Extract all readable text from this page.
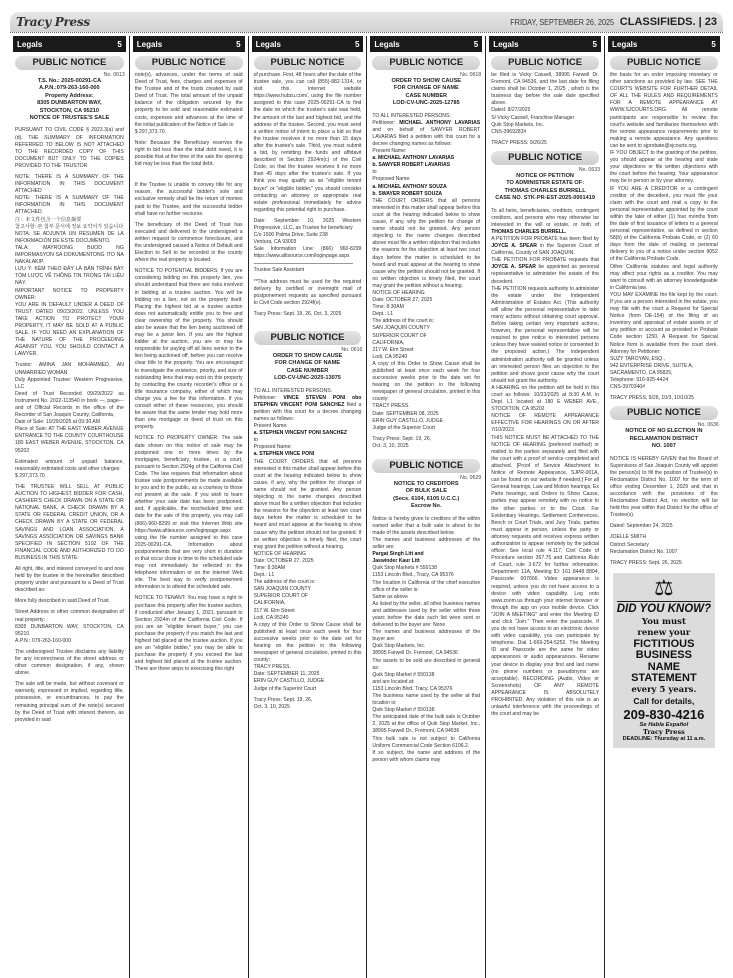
Tracy Press	FRIDAY, SEPTEMBER 26, 2025 CLASSIFIEDS. | 23
Legals	5
PUBLIC NOTICE
No. 0613
T.S. No.: 2025-00291-CA
A.P.N.:079-263-160-000
Property Address:
8305 DUNBARTON WAY,
STOCKTON, CA 95210
NOTICE OF TRUSTEE'S SALE

PURSUANT TO CIVIL CODE § 2923.3(a) and (d), THE SUMMARY OF INFORMATION REFERRED TO BELOW IS NOT ATTACHED TO THE RECORDED COPY OF THIS DOCUMENT BUT ONLY TO THE COPIES PROVIDED TO THE TRUSTOR.

NOTE: THERE IS A SUMMARY OF THE INFORMATION IN THIS DOCUMENT ATTACHED
NOTE: THERE IS A SUMMARY OF THE INFORMATION IN THIS DOCUMENT ATTACHED.
注：本文件包含一个信息摘要
참고사항: 본 첨부 문서에 정보 요약서가 있습니다
NOTA: SE ADJUNTA UN RESUMEN DE LA INFORMACIÓN DE ESTE DOCUMENTO.
TALA: MAYROONG BUOD NG IMPORMASYON SA DOKUMENTONG ITO NA NAKALAKIP.
LƯU Ý: KÈM THEO ĐÂY LÀ BẢN TRÌNH BÀY TÓM LƯỢC VỀ THÔNG TIN TRONG TÀI LIỆU NÀY.
IMPORTANT NOTICE TO PROPERTY OWNER:

YOU ARE IN DEFAULT UNDER A DEED OF TRUST DATED 09/23/2022. UNLESS YOU TAKE ACTION TO PROTECT YOUR PROPERTY, IT MAY BE SOLD AT A PUBLIC SALE. IF YOU NEED AN EXPLANATION OF THE NATURE OF THE PROCEEDING AGAINST YOU, YOU SHOULD CONTACT A LAWYER.

Trustor: AMINA JAN MOHAMMED, AN UNMARRIED WOMAN
Duly Appointed Trustee: Western Progressive, LLC
Deed of Trust Recorded 09/29/2022 as Instrument No. 2022-113540 in book ---, page--- and of Official Records in the office of the Recorder of San Joaquin County, California,
Date of Sale: 10/29/2025 at 09:30 AM

Place of Sale: AT THE EAST WEBER AVENUE ENTRANCE TO THE COUNTY COURTHOUSE 180 EAST WEBER AVENUE, STOCKTON, CA 95202

Estimated amount of unpaid balance, reasonably estimated costs and other charges:

$ 297,373.70

THE TRUSTEE WILL SELL AT PUBLIC AUCTION TO HIGHEST BIDDER FOR CASH, CASHIER'S CHECK DRAWN ON A STATE OR NATIONAL BANK, A CHECK DRAWN BY A STATE OR FEDERAL CREDIT UNION, OR A CHECK DRAWN BY A STATE OR FEDERAL SAVINGS AND LOAN ASSOCIATION, A SAVINGS ASSOCIATION OR SAVINGS BANK SPECIFIED IN SECTION 5102 OF THE FINANCIAL CODE AND AUTHORIZED TO DO BUSINESS IN THIS STATE:

All right, title, and interest conveyed to and now held by the trustee in the hereinafter described property under and pursuant to a Deed of Trust described as:

More fully described in said Deed of Trust.

Street Address or other common designation of real property:
8305 DUNBARTON WAY, STOCKTON, CA 95210

A.P.N.: 079-263-160-000

The undersigned Trustee disclaims any liability for any incorrectness of the street address or other common designation, if any, shown above.

The sale will be made, but without covenant or warranty, expressed or implied, regarding title, possession, or encumbrances, to pay the remaining principal sum of the note(s) secured by the Deed of Trust with interest thereon, as provided in said

Legals	5
PUBLIC NOTICE
note(s), advances, under the terms of said Deed of Trust, fees, charges and expenses of the Trustee and of the trusts created by said Deed of Trust. The total amount of the unpaid balance of the obligation secured by the property to be sold and reasonable estimated costs, expenses and advances at the time of the initial publication of the Notice of Sale is:

$ 297,373.70.

Note: Because the Beneficiary reserves the right to bid less than the total debt owed, it is possible that at the time of the sale the opening bid may be less than the total debt.

If the Trustee is unable to convey title for any reason, the successful bidder's sole and exclusive remedy shall be the return of monies paid to the Trustee, and the successful bidder shall have no further recourse.

The beneficiary of the Deed of Trust has executed and delivered to the undersigned a written request to commence foreclosure, and the undersigned caused a Notice of Default and Election to Sell to be recorded in the county where the real property is located.

NOTICE TO POTENTIAL BIDDERS: If you are considering bidding on this property lien, you should understand that there are risks involved in bidding at a trustee auction. You will be bidding on a lien, not on the property itself. Placing the highest bid at a trustee auction does not automatically entitle you to free and clear ownership of the property. You should also be aware that the lien being auctioned off may be a junior lien. If you are the highest bidder at the auction, you are or may be responsible for paying off all liens senior to the lien being auctioned off, before you can receive clear title to the property. You are encouraged to investigate the existence, priority, and size of outstanding liens that may exist on this property by contacting the county recorder's office or a title insurance company, either of which may charge you a fee for this information. If you consult either of these resources, you should be aware that the same lender may hold more than one mortgage or deed of trust on this property.

NOTICE TO PROPERTY OWNER: The sale date shown on this notice of sale may be postponed one or more times by the mortgagee, beneficiary, trustee, or a court, pursuant to Section 2924g of the California Civil Code. The law requires that information about trustee sale postponements be made available to you and to the public, as a courtesy to those not present at the sale. If you wish to learn whether your sale date has been postponed, and, if applicable, the rescheduled time and date for the sale of this property, you may call (866)-960-8299 or visit this Internet Web site https://www.altisource.com/loginpage.aspx using the file number assigned to this case 2025-00291-CA. Information about postponements that are very short in duration or that occur close in time to the scheduled sale may not immediately be reflected in the telephone information or on the Internet Web site. The best way to verify postponement information is to attend the scheduled sale.

NOTICE TO TENANT: You may have a right to purchase this property after the trustee auction, if conducted after January 1, 2021, pursuant to Section 2924m of the California Civil Code. If you are an "eligible tenant buyer," you can purchase the property if you match the last and highest bid placed at the trustee auction. If you are an "eligible bidder," you may be able to purchase the property if you exceed the last and highest bid placed at the trustee auction. There are three steps to exercising this right

Legals	5
PUBLIC NOTICE

of purchase. First, 48 hours after the date of the trustee sale, you can call (855)-882-1314, or visit this internet website https://www.hubzu.com/, using the file number assigned to this case 2025-00291-CA to find the date on which the trustee's sale was held, the amount of the last and highest bid, and the address of the trustee. Second, you must send a written notice of intent to place a bid so that the trustee receives it no more than 15 days after the trustee's sale. Third, you must submit a bid, by remitting the funds and affidavit described in Section 2924m(c) of the Civil Code, so that the trustee receives it no more than 45 days after the trustee's sale. If you think you may qualify as an "eligible tenant buyer" or "eligible bidder," you should consider contacting an attorney or appropriate real estate professional immediately for advice regarding this potential right to purchase.

Date: September 10, 2025 Western Progressive, LLC, as Trustee for beneficiary
C/o 1500 Palma Drive, Suite 238
Ventura, CA 93003
Sale Information Line: (866) 960-8299 https://www.altisource.com/loginpage.aspx

Trustee Sale Assistant

**This address must be used for the required delivery by certified or overnight mail of postponement requests as specified pursuant to Civil Code section 2924f(e).

Tracy Press: Sept. 19, 26, Oct. 3, 2025

PUBLIC NOTICE
No. 0616
ORDER TO SHOW CAUSE
FOR CHANGE OF NAME
CASE NUMBER
LOD-CV-UNC-2025-13075
TO ALL INTERESTED PERSONS:
Petitioner: VINCE STEVEN PONI obo STEPHEN VINCENT PONI SANCHEZ filed a petition with this court for a decree changing names as follows:
Present Name:
a. STEPHEN VINCENT PONI SANCHEZ
to
Proposed Name:
a. STEPHEN VINCE PONI
THE COURT ORDERS that all persons interested in this matter shall appear before this court at the hearing indicated below to show cause, if any, why the petition for change of name should not be granted. Any person objecting to the name changes described above must file a written objection that includes the reasons for the objection at least two court days before the matter is scheduled to be heard and must appear at the hearing to show cause why the petition should not be granted. If no written objection is timely filed, the court may grant the petition without a hearing.
NOTICE OF HEARING
Date: OCTOBER 27, 2025
Time: 8:30AM
Dept.: L1
The address of the court is:
SAN JOAQUIN COUNTY
SUPERIOR COURT OF
CALIFORNIA,
217 W. Elm Street
Lodi, CA 95240
A copy of this Order to Show Cause shall be published at least once each week for four successive weeks prior to the date set for hearing on the petition in the following newspaper of general circulation, printed in this county:
TRACY PRESS.
Date: SEPTEMBER 11, 2025
ERIN GUY CASTILLO, JUDGE

Judge of the Superior Court

Tracy Press: Sept. 19, 26,
Oct. 3, 10, 2025
Legals	5
PUBLIC NOTICE
No. 0618
ORDER TO SHOW CAUSE
FOR CHANGE OF NAME
CASE NUMBER
LOD-CV-UNC-2025-12785
TO ALL INTERESTED PERSONS:
Petitioner: MICHAEL ANTHONY LAVARIAS and on behalf of SAWYER ROBERT LAVARIAS filed a petition with this court for a decree changing names as follows:
Present Name:
a. MICHAEL ANTHONY LAVARIAS
b. SAWYER ROBERT LAVARIAS
to
Proposed Name:
a. MICHAEL ANTHONY SOUZA
b. SWAYER ROBERT SOUZA
THE COURT ORDERS that all persons interested in this matter shall appear before this court at the hearing indicated below to show cause, if any, why the petition for change of name should not be granted. Any person objecting to the name changes described above must file a written objection that includes the reasons for the objection at least two court days before the matter is scheduled to be heard and must appear at the hearing to show cause why the petition should not be granted. If no written objection is timely filed, the court may grant the petition without a hearing.
NOTICE OF HEARING
Date: OCTOBER 27, 2025
Time: 8:30AM
Dept.: L1
The address of the court is:
SAN JOAQUIN COUNTY
SUPERIOR COURT OF
CALIFORNIA,
217 W. Elm Street
Lodi, CA 95240
A copy of this Order to Show Cause shall be published at least once each week for four successive weeks prior to the date set for hearing on the petition in the following newspaper of general circulation, printed in this county:
TRACY PRESS.
Date: SEPTEMBER 08, 2025
ERIN GUY CASTILLO, JUDGE

Judge of the Superior Court

Tracy Press: Sept. 19, 26,
Oct. 3, 10, 2025
PUBLIC NOTICE
No. 0629
NOTICE TO CREDITORS
OF BULK SALE
(Secs. 6104, 6105 U.C.C.)
Escrow No.
Notice is hereby given to creditors of the within named seller that a bulk sale is about to be made of the assets described below.
The names and business addresses of the seller are:
Pargat Singh Litt and
Jaswinder Kaur Litt
Quik Stop Markets # 550138
1153 Lincoln Blvd., Tracy, CA 95376
The location in California of the chief executive office of the seller is:
Same as above
As listed by the seller, all other business names and addresses used by the seller within three years before the date such list were sent or delivered to the buyer are: None
The names and business addresses of the buyer are:
Quik Stop Markets, Inc.
38995 Farwell Dr. Fremont, CA 94536
The assets to be sold are described in general as:
Quik Stop Market # 550138
and are located at:
1153 Lincoln Blvd. Tracy, CA 95376
The business name used by the seller at that location is:
Quik Stop Market # 550138.
The anticipated date of the bulk sale is October 2, 2025 at the office of Quik Stop Market, Inc., 38995 Farwell Dr., Fremont, CA 94536
This bulk sale is not subject to California Uniform Commercial Code Section 6106.2.
If so subject, the name and address of the person with whom claims may
Legals	5
PUBLIC NOTICE
be filed is Vicky Cassell, 38995 Farwell Dr. Fremont, CA 94536, and the last date for filing claims shall be October 1, 2025 , which is the business day before the sale date specified above.
Dated: 8/27/2025
S/ Vicky Cassell, Franchise Manager
Quik Stop Markets, Inc.

CNS-3969283#

TRACY PRESS: 9/26/25

PUBLIC NOTICE
No. 0633
NOTICE OF PETITION
TO ADMINISTER ESTATE OF:
THOMAS CHARLES BURRELL
CASE NO. STK-PR-EST-2025-0001419
To all heirs, beneficiaries, creditors, contingent creditors, and persons who may otherwise be interested in the will or estate, or both of THOMAS CHARLES BURRELL.
A PETITION FOR PROBATE has been filed by JOYCE A. SPEAR in the Superior Court of California, County of SAN JOAQUIN.
THE PETITION FOR PROBATE requests that JOYCE A. SPEAR be appointed as personal representative to administer the estate of the decedent.
THE PETITION requests authority to administer the estate under the Independent Administration of Estates Act. (This authority will allow the personal representative to take many actions without obtaining court approval. Before taking certain very important actions, however, the personal representative will be required to give notice to interested persons unless they have waived notice or consented to the proposed action.) The independent administration authority will be granted unless an interested person files an objection to the petition and shows good cause why the court should not grant the authority.
A HEARING on the petition will be held in this court as follows: 10/23/2025 at 8:30 A.M. in Dept. L1 located at 180 E WEBER AVE., STOCKTON, CA 95202
NOTICE OF REMOTE APPEARANCE EFFECTIVE FOR HEARINGS ON OR AFTER 7/10/2023
THIS NOTICE MUST BE ATTACHED TO THE NOTICE OF HEARING (preferred method) or mailed to the parties separately and filed with the court with a proof of service completed and attached. [Proof of Service Attachment to Notice of Remote Appearance, SJPR-001A, can be found on our website if needed.] For all General hearings, Law and Motion hearings, Ex Parte hearings, and Orders to Show Cause, parties may appear remotely with no notice to the other parties or to the Court. For Evidentiary Hearings, Settlement Conferences, Bench or Court Trials, and Jury Trials, parties must appear in person, unless the party or attorney requests and receives express written authorization to appear remotely by the judicial officer. See local rule 4-117, Civil Code of Procedure section 367.75 and California Rule of Court, rule 3.672 for further information. Department: 11A, Meeting ID: 161 8448 8804, Passcode: 007666. Video appearance is required, unless you do not have access to a device with video capability. Log onto www.zoom.us through your internet browser or through the app on your mobile device. Click "JOIN A MEETING" and enter the Meeting ID and click "Join." Then enter the passcode. If you do not have access to an electronic device with video capability, you can participate by telephone. Dial 1-669-254-5252. The Meeting ID and Passcode are the same for video appearances or audio appearances. Rename your device to display your first and last name (no phone numbers or pseudonyms are acceptable). RECORDING (Audio, Video or Screenshots) OF ANY REMOTE APPEARANCE IS ABSOLUTELY PROHIBITED. Any violation of this rule is an unlawful interference with the proceedings of the court and may be
Legals	5
PUBLIC NOTICE
the basis for an order imposing monetary or other sanctions as provided by law. SEE THE COURT'S WEBSITE FOR FURTHER DETAIL OF ALL THE RULES AND REQUIREMENTS FOR A REMOTE APPEARANCE AT WWW.SJCOURTS.ORG. All remote participants are responsible to review the court's website and familiarize themselves with the remote appearance requirements prior to making a remote appearance. Any questions can be sent to sjprobate@sjcourts.org.
IF YOU OBJECT to the granting of the petition, you should appear at the hearing and state your objections or file written objections with the court before the hearing. Your appearance may be in person or by your attorney.
IF YOU ARE A CREDITOR or a contingent creditor of the decedent, you must file your claim with the court and mail a copy to the personal representative appointed by the court within the later of either (1) four months from the date of first issuance of letters to a general personal representative, as defined in section 58(b) of the California Probate Code, or (2) 60 days from the date of mailing or personal delivery to you of a notice under section 9052 of the California Probate Code.
Other California statutes and legal authority may affect your rights as a creditor. You may want to consult with an attorney knowledgeable in California law.
YOU MAY EXAMINE the file kept by the court. If you are a person interested in the estate, you may file with the court a Request for Special Notice (form DE-154) of the filing of an inventory and appraisal of estate assets or of any petition or account as provided in Probate Code section 1250. A Request for Special Notice form is available from the court clerk. Attorney for Petitioner:
SUZY TAROYAN, ESQ.,
942 ENTERPRISE DRIVE, SUITE A,
SACRAMENTO, CA 95825,
Telephone: 916-925-4424

CNS-3970340#

TRACY PRESS: 9/26, 10/3, 10/10/25

PUBLIC NOTICE
No. 0636
NOTICE OF NO ELECTION IN
RECLAMATION DISTRICT
NO. 1007

NOTICE IS HEREBY GIVEN that the Board of Supervisors of San Joaquin County will appoint the person(s) to fill the position of Trustee(s) in Reclamation District No. 1007 for the term of office ending December 1, 2029 and that in accordance with the provisions of the Reclamation District Act, no election will be held this year within that District for the office of Trustee(s).

Dated: September 24, 2025

JOELLE SMITH
District Secretary

Reclamation District No. 1007

TRACY PRESS: Sept. 26, 2025

⚖
DID YOU KNOW?
You must
renew your
FICTITIOUS
BUSINESS
NAME
STATEMENT
every 5 years.
Call for details,
209-830-4216
Se Habla Español
Tracy Press
DEADLINE: Thursday at 11 a.m.
